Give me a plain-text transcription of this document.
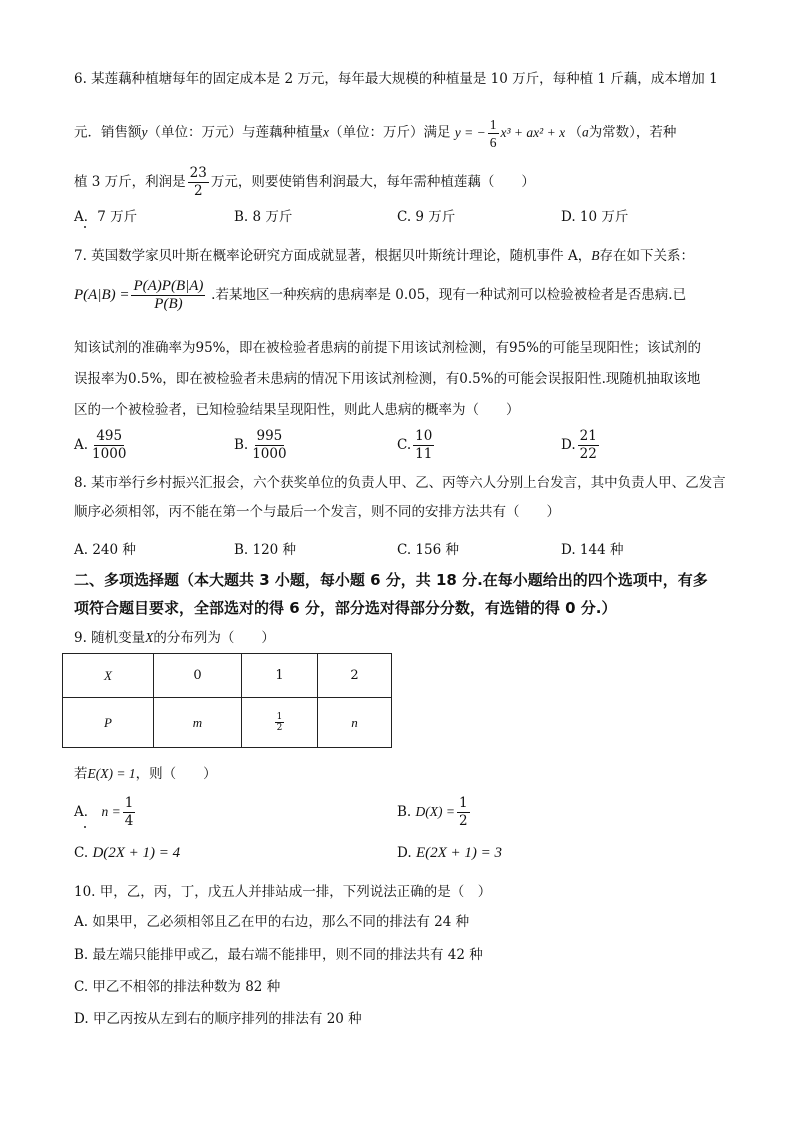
6. 某莲藕种植塘每年的固定成本是 2 万元，每年最大规模的种植量是 10 万斤，每种植 1 斤藕，成本增加 1
元．销售额y（单位：万元）与莲藕种植量x（单位：万斤）满足 y = − $\frac{1}{6} x^3 + ax^2 + x$ （a为常数），若种
植 3 万斤，利润是 $\frac{23}{2}$ 万元，则要使销售利润最大，每年需种植莲藕（　　）
A．7 万斤	B. 8 万斤	C. 9 万斤	D. 10 万斤
7. 英国数学家贝叶斯在概率论研究方面成就显著，根据贝叶斯统计理论，随机事件 A，B存在如下关系：
$P(A|B) = \frac{P(A)P(B|A)}{P(B)}$ .若某地区一种疾病的患病率是 0.05，现有一种试剂可以检验被检者是否患病.已
知该试剂的准确率为95%，即在被检验者患病的前提下用该试剂检测，有95%的可能呈现阳性；该试剂的
误报率为0.5%，即在被检验者未患病的情况下用该试剂检测，有0.5%的可能会误报阳性.现随机抽取该地
区的一个被检验者，已知检验结果呈现阳性，则此人患病的概率为（　　）
A. $\frac{495}{1000}$	B. $\frac{995}{1000}$	C. $\frac{10}{11}$	D. $\frac{21}{22}$
8. 某市举行乡村振兴汇报会，六个获奖单位的负责人甲、乙、丙等六人分别上台发言，其中负责人甲、乙发言
顺序必须相邻，丙不能在第一个与最后一个发言，则不同的安排方法共有（　　）
A. 240 种	B. 120 种	C. 156 种	D. 144 种
二、多项选择题（本大题共 3 小题，每小题 6 分，共 18 分.在每小题给出的四个选项中，有多
项符合题目要求，全部选对的得 6 分，部分选对得部分分数，有选错的得 0 分.）
9. 随机变量X的分布列为（　　）
X	0	1	2
P	m	$\frac{1}{2}$	n
若E(X) = 1，则（　　）
A． $n = \frac{1}{4}$	B. $D(X) = \frac{1}{2}$
C. D(2X + 1) = 4	D. E(2X + 1) = 3
10. 甲，乙，丙，丁，戊五人并排站成一排，下列说法正确的是（　）
A. 如果甲，乙必须相邻且乙在甲的右边，那么不同的排法有 24 种
B. 最左端只能排甲或乙，最右端不能排甲，则不同的排法共有 42 种
C. 甲乙不相邻的排法种数为 82 种
D. 甲乙丙按从左到右的顺序排列的排法有 20 种
